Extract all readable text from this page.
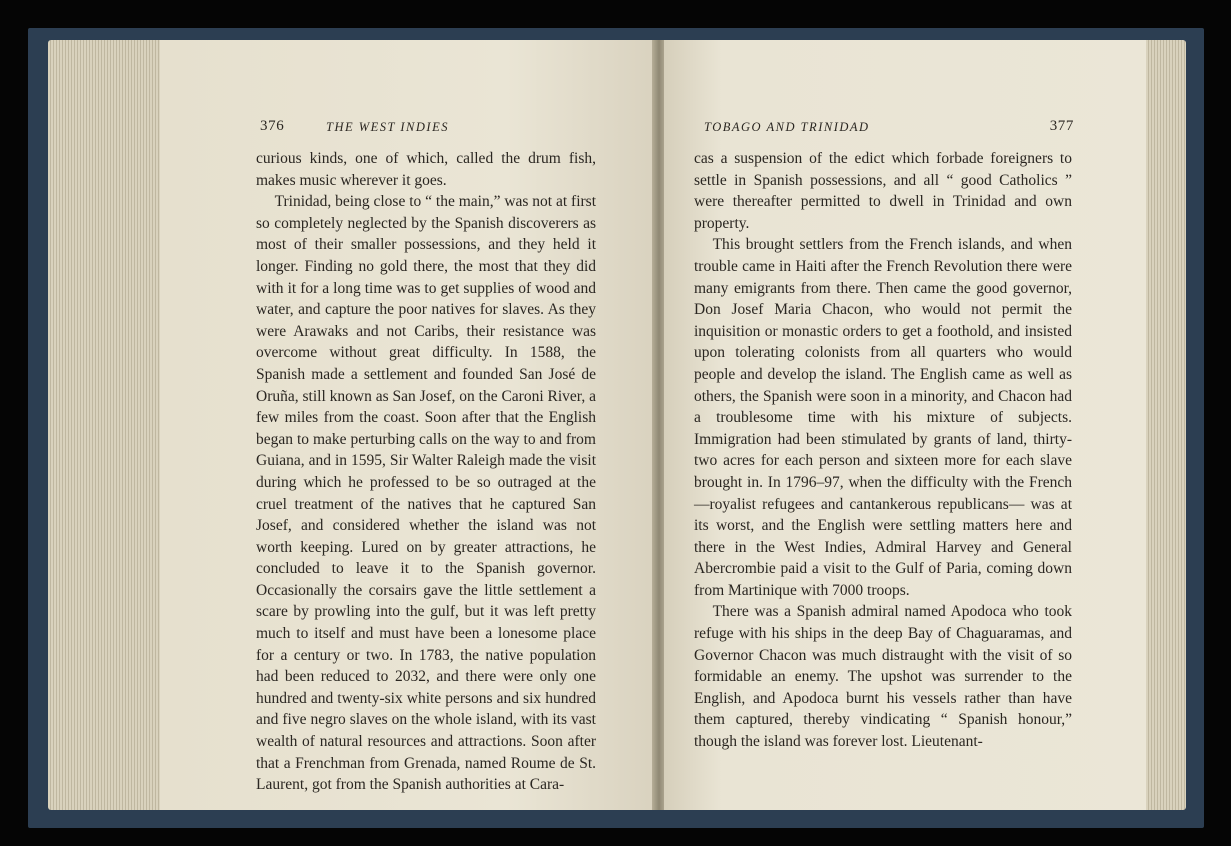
376	THE WEST INDIES

curious kinds, one of which, called the drum fish, makes music wherever it goes.

Trinidad, being close to “ the main,” was not at first so completely neglected by the Spanish discoverers as most of their smaller possessions, and they held it longer. Finding no gold there, the most that they did with it for a long time was to get supplies of wood and water, and capture the poor natives for slaves. As they were Arawaks and not Caribs, their resistance was overcome without great difficulty. In 1588, the Spanish made a settlement and founded San José de Oruña, still known as San Josef, on the Caroni River, a few miles from the coast. Soon after that the English began to make perturbing calls on the way to and from Guiana, and in 1595, Sir Walter Raleigh made the visit during which he professed to be so outraged at the cruel treatment of the natives that he captured San Josef, and considered whether the island was not worth keeping. Lured on by greater attractions, he concluded to leave it to the Spanish governor. Occasionally the corsairs gave the little settlement a scare by prowling into the gulf, but it was left pretty much to itself and must have been a lonesome place for a century or two. In 1783, the native population had been reduced to 2032, and there were only one hundred and twenty-six white persons and six hundred and five negro slaves on the whole island, with its vast wealth of natural resources and attractions. Soon after that a Frenchman from Grenada, named Roume de St. Laurent, got from the Spanish authorities at Cara-

TOBAGO AND TRINIDAD	377

cas a suspension of the edict which forbade foreigners to settle in Spanish possessions, and all “ good Catholics ” were thereafter permitted to dwell in Trinidad and own property.

This brought settlers from the French islands, and when trouble came in Haiti after the French Revolution there were many emigrants from there. Then came the good governor, Don Josef Maria Chacon, who would not permit the inquisition or monastic orders to get a foothold, and insisted upon tolerating colonists from all quarters who would people and develop the island. The English came as well as others, the Spanish were soon in a minority, and Chacon had a troublesome time with his mixture of subjects. Immigration had been stimulated by grants of land, thirty-two acres for each person and sixteen more for each slave brought in. In 1796–97, when the difficulty with the French —royalist refugees and cantankerous republicans— was at its worst, and the English were settling matters here and there in the West Indies, Admiral Harvey and General Abercrombie paid a visit to the Gulf of Paria, coming down from Martinique with 7000 troops.

There was a Spanish admiral named Apodoca who took refuge with his ships in the deep Bay of Chaguaramas, and Governor Chacon was much distraught with the visit of so formidable an enemy. The upshot was surrender to the English, and Apodoca burnt his vessels rather than have them captured, thereby vindicating “ Spanish honour,” though the island was forever lost. Lieutenant-
